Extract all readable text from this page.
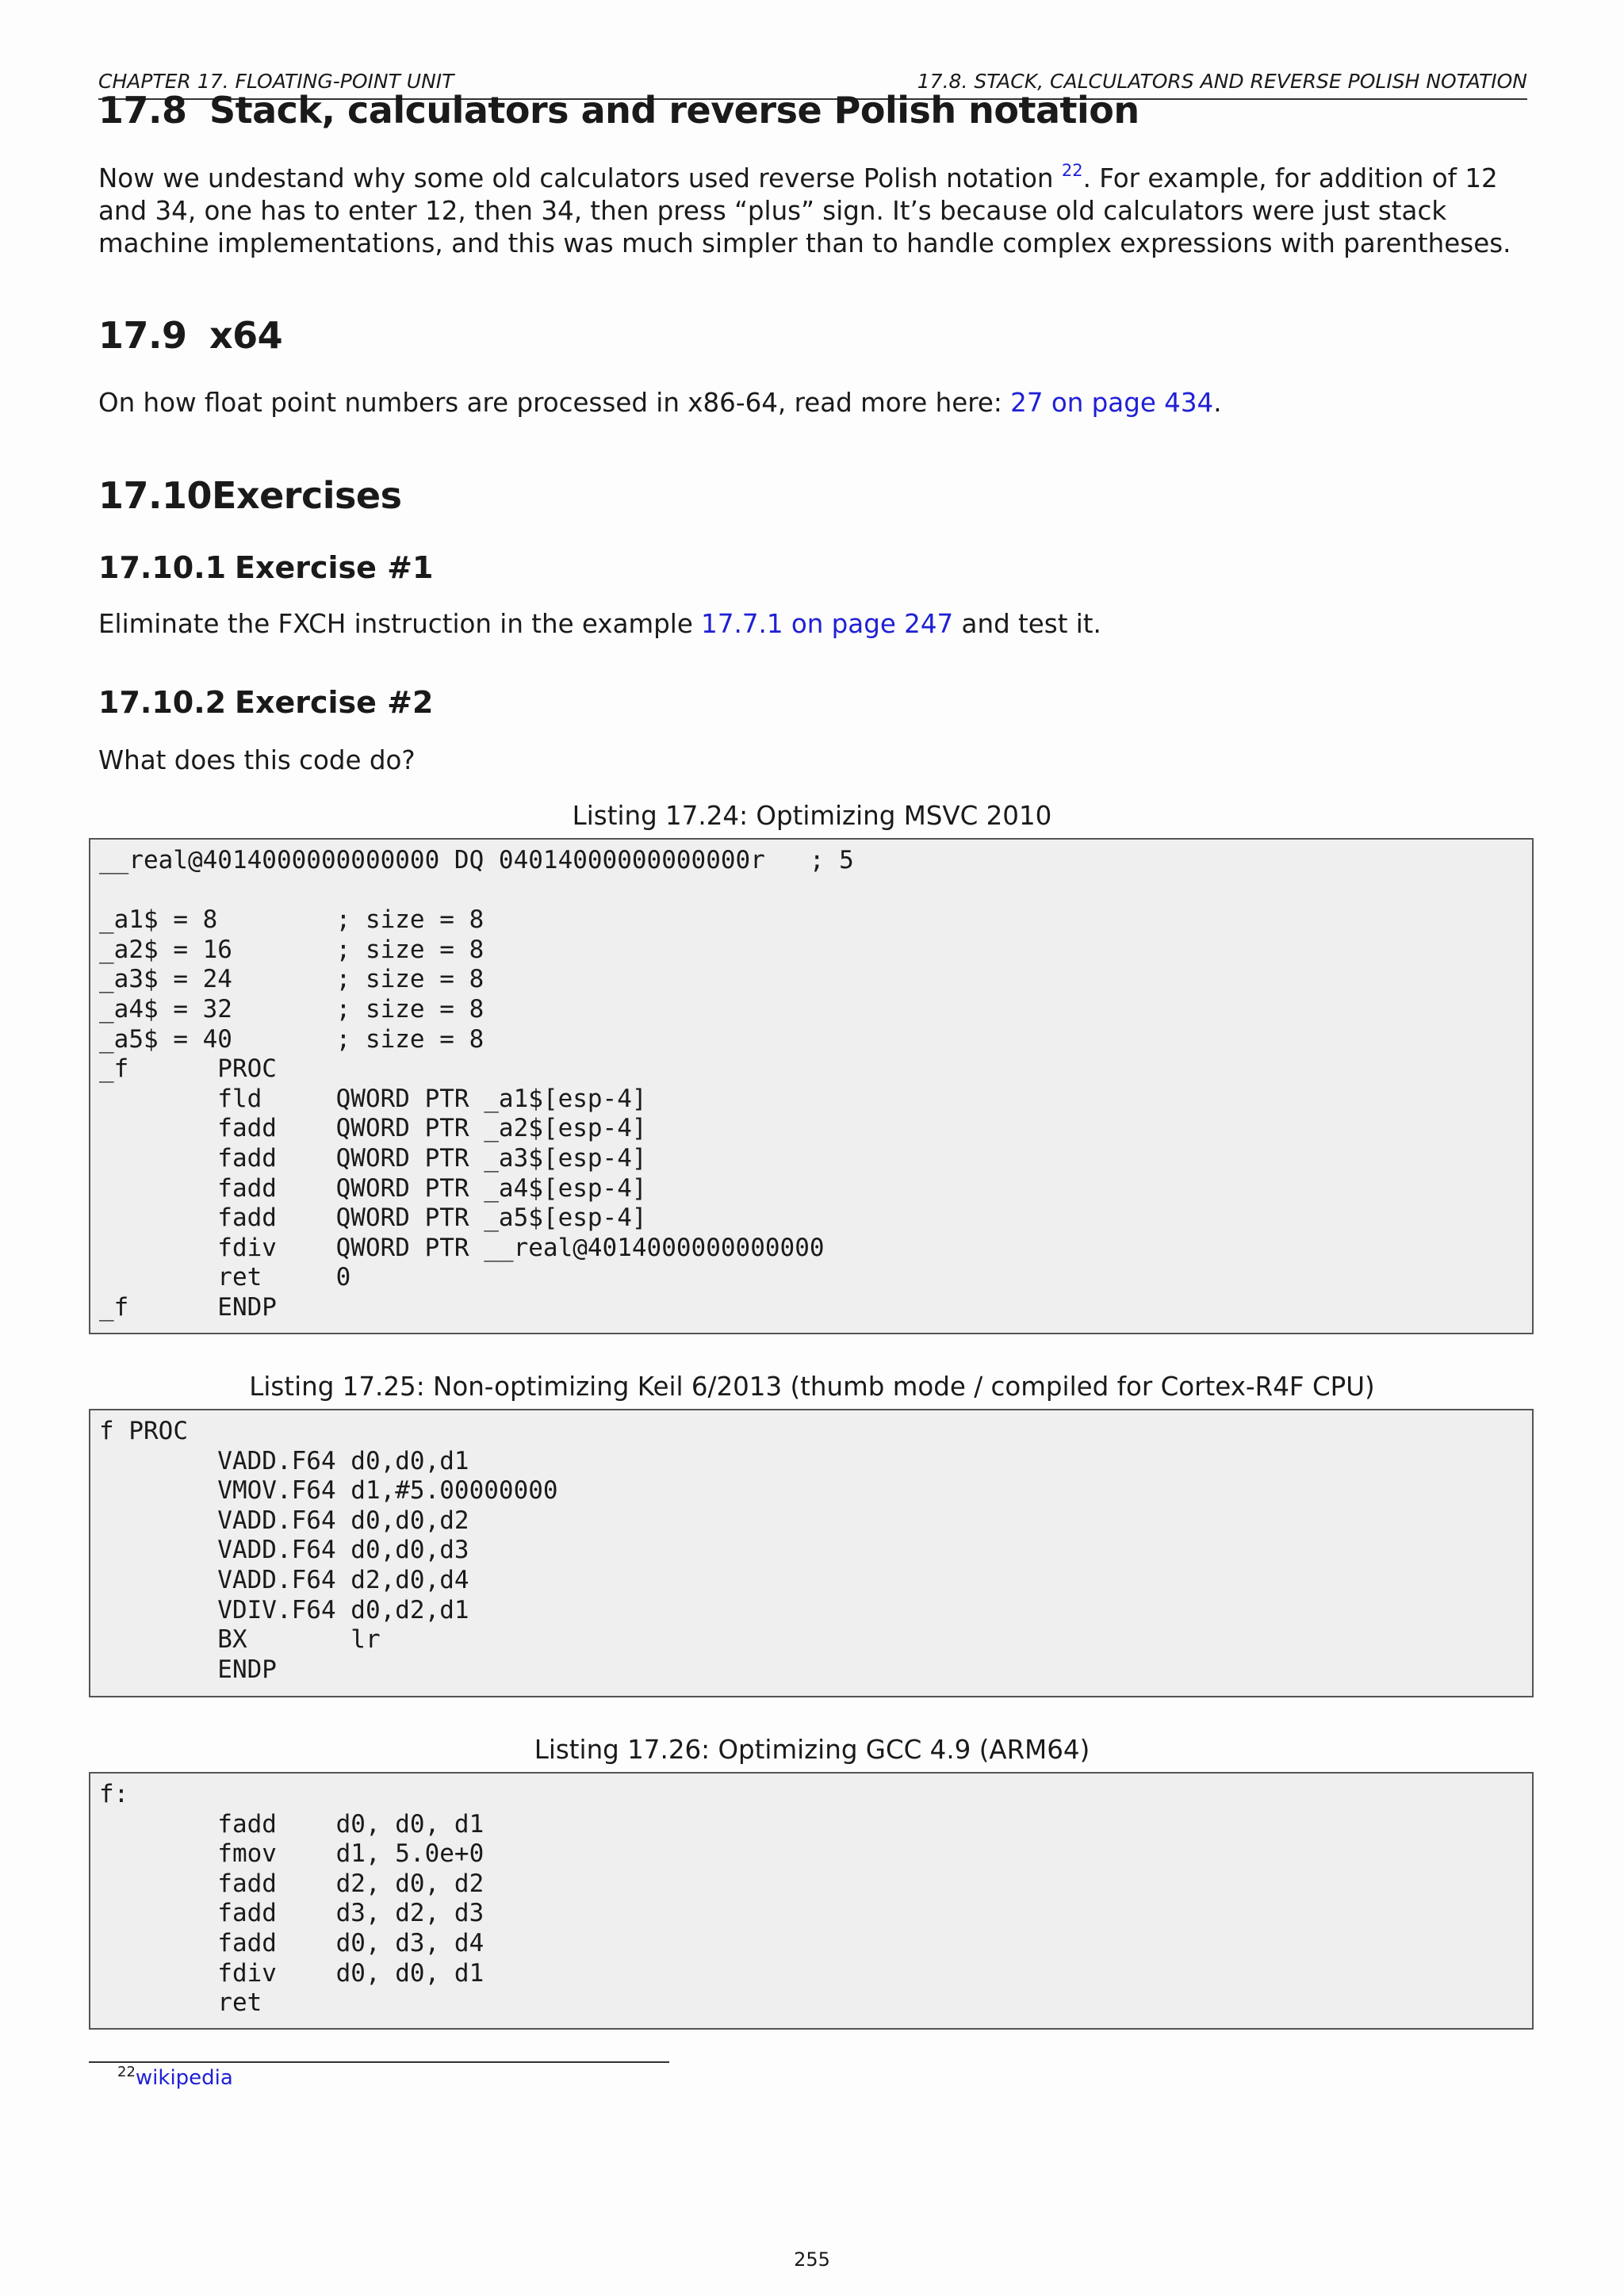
CHAPTER 17. FLOATING-POINT UNIT	17.8. STACK, CALCULATORS AND REVERSE POLISH NOTATION
17.8 Stack, calculators and reverse Polish notation
Now we undestand why some old calculators used reverse Polish notation $^{22}$. For example, for addition of 12 and 34, one has to enter 12, then 34, then press “plus” sign. It’s because old calculators were just stack machine implementations, and this was much simpler than to handle complex expressions with parentheses.
17.9 x64
On how float point numbers are processed in x86-64, read more here: 27 on page 434.
17.10Exercises
17.10.1 Exercise #1
Eliminate the FXCH instruction in the example 17.7.1 on page 247 and test it.
17.10.2 Exercise #2
What does this code do?
Listing 17.24: Optimizing MSVC 2010
__real@4014000000000000 DQ 04014000000000000r   ; 5

_a1$ = 8        ; size = 8
_a2$ = 16       ; size = 8
_a3$ = 24       ; size = 8
_a4$ = 32       ; size = 8
_a5$ = 40       ; size = 8
_f      PROC
fld     QWORD PTR _a1$[esp-4]
fadd    QWORD PTR _a2$[esp-4]
fadd    QWORD PTR _a3$[esp-4]
fadd    QWORD PTR _a4$[esp-4]
fadd    QWORD PTR _a5$[esp-4]
fdiv    QWORD PTR __real@4014000000000000
ret     0
_f      ENDP
Listing 17.25: Non-optimizing Keil 6/2013 (thumb mode / compiled for Cortex-R4F CPU)
f PROC
VADD.F64 d0,d0,d1
VMOV.F64 d1,#5.00000000
VADD.F64 d0,d0,d2
VADD.F64 d0,d0,d3
VADD.F64 d2,d0,d4
VDIV.F64 d0,d2,d1
BX       lr
ENDP
Listing 17.26: Optimizing GCC 4.9 (ARM64)
f:
fadd    d0, d0, d1
fmov    d1, 5.0e+0
fadd    d2, d0, d2
fadd    d3, d2, d3
fadd    d0, d3, d4
fdiv    d0, d0, d1
ret
$^{22}$wikipedia
255
